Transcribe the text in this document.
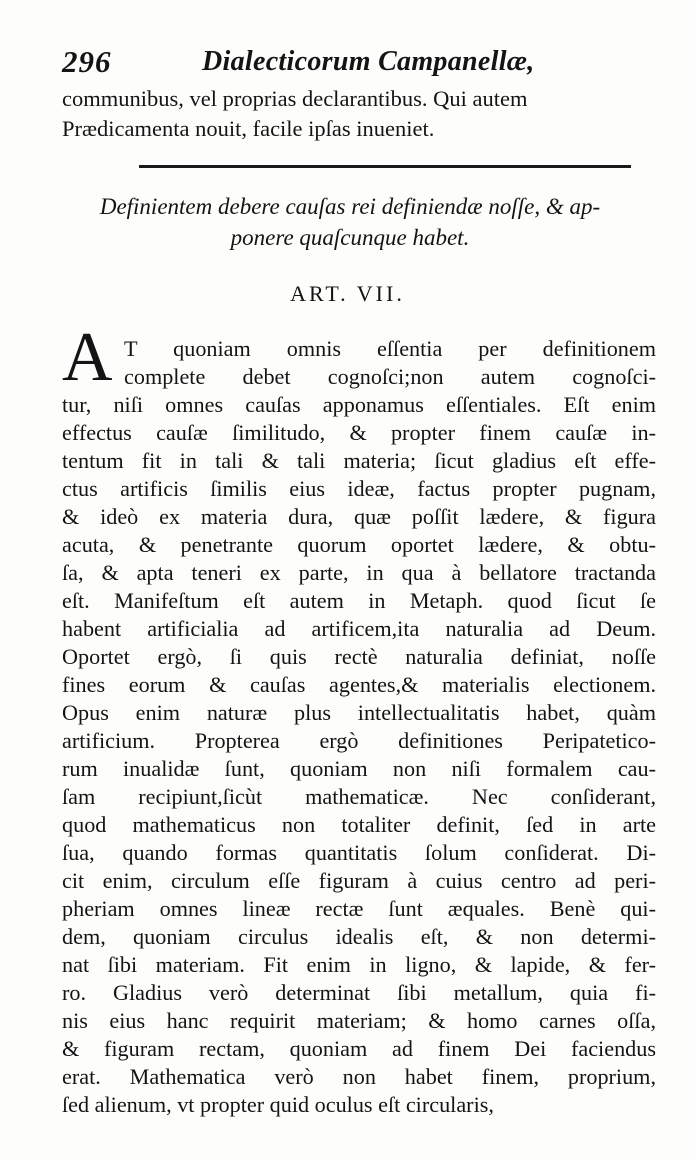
296	Dialecticorum Campanellæ,
communibus, vel proprias declarantibus. Qui autem
Prædicamenta nouit, facile ipſas inueniet.
Definientem debere cauſas rei definiendæ noſſe, & ap-
ponere quaſcunque habet.
ART. VII.
A T quoniam omnis eſſentia per definitionem
complete debet cognoſci;non autem cognoſci-
tur, niſi omnes cauſas apponamus eſſentiales. Eſt enim
effectus cauſæ ſimilitudo, & propter finem cauſæ in-
tentum fit in tali & tali materia; ſicut gladius eſt effe-
ctus artificis ſimilis eius ideæ, factus propter pugnam,
& ideò ex materia dura, quæ poſſit lædere, & figura
acuta, & penetrante quorum oportet lædere, & obtu-
ſa, & apta teneri ex parte, in qua à bellatore tractanda
eſt. Manifeſtum eſt autem in Metaph. quod ſicut ſe
habent artificialia ad artificem,ita naturalia ad Deum.
Oportet ergò, ſi quis rectè naturalia definiat, noſſe
fines eorum & cauſas agentes,& materialis electionem.
Opus enim naturæ plus intellectualitatis habet, quàm
artificium. Propterea ergò definitiones Peripatetico-
rum inualidæ ſunt, quoniam non niſi formalem cau-
ſam recipiunt,ſicùt mathematicæ. Nec conſiderant,
quod mathematicus non totaliter definit, ſed in arte
ſua, quando formas quantitatis ſolum conſiderat. Di-
cit enim, circulum eſſe figuram à cuius centro ad peri-
pheriam omnes lineæ rectæ ſunt æquales. Benè qui-
dem, quoniam circulus idealis eſt, & non determi-
nat ſibi materiam. Fit enim in ligno, & lapide, & fer-
ro. Gladius verò determinat ſibi metallum, quia fi-
nis eius hanc requirit materiam; & homo carnes oſſa,
& figuram rectam, quoniam ad finem Dei faciendus
erat. Mathematica verò non habet finem, proprium,
ſed alienum, vt propter quid oculus eſt circularis,
